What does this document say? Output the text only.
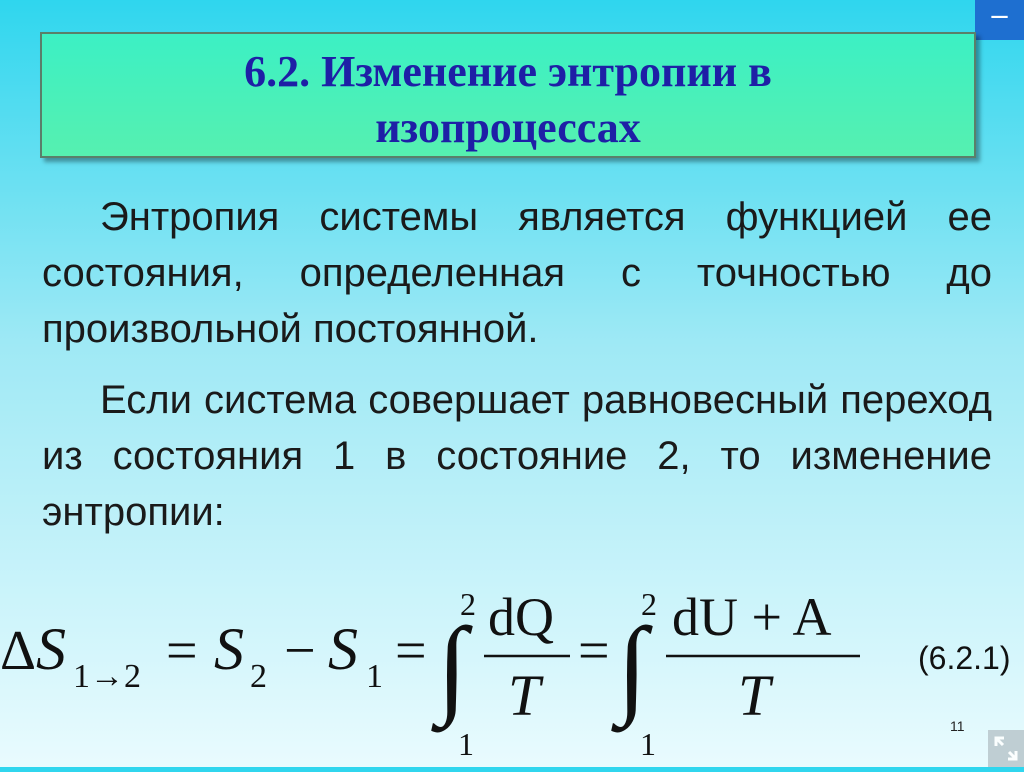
−
6.2. Изменение энтропии в
изопроцессах
Энтропия системы является функцией ее состояния, определенная с точностью до произвольной постоянной.
Если система совершает равновесный переход из состояния 1 в состояние 2, то изменение энтропии:
Δ S 1→2 = S 2 − S 1 = ∫
2
1
dQ
T
= ∫
2
1
dU + A
T
(6.2.1)
11
